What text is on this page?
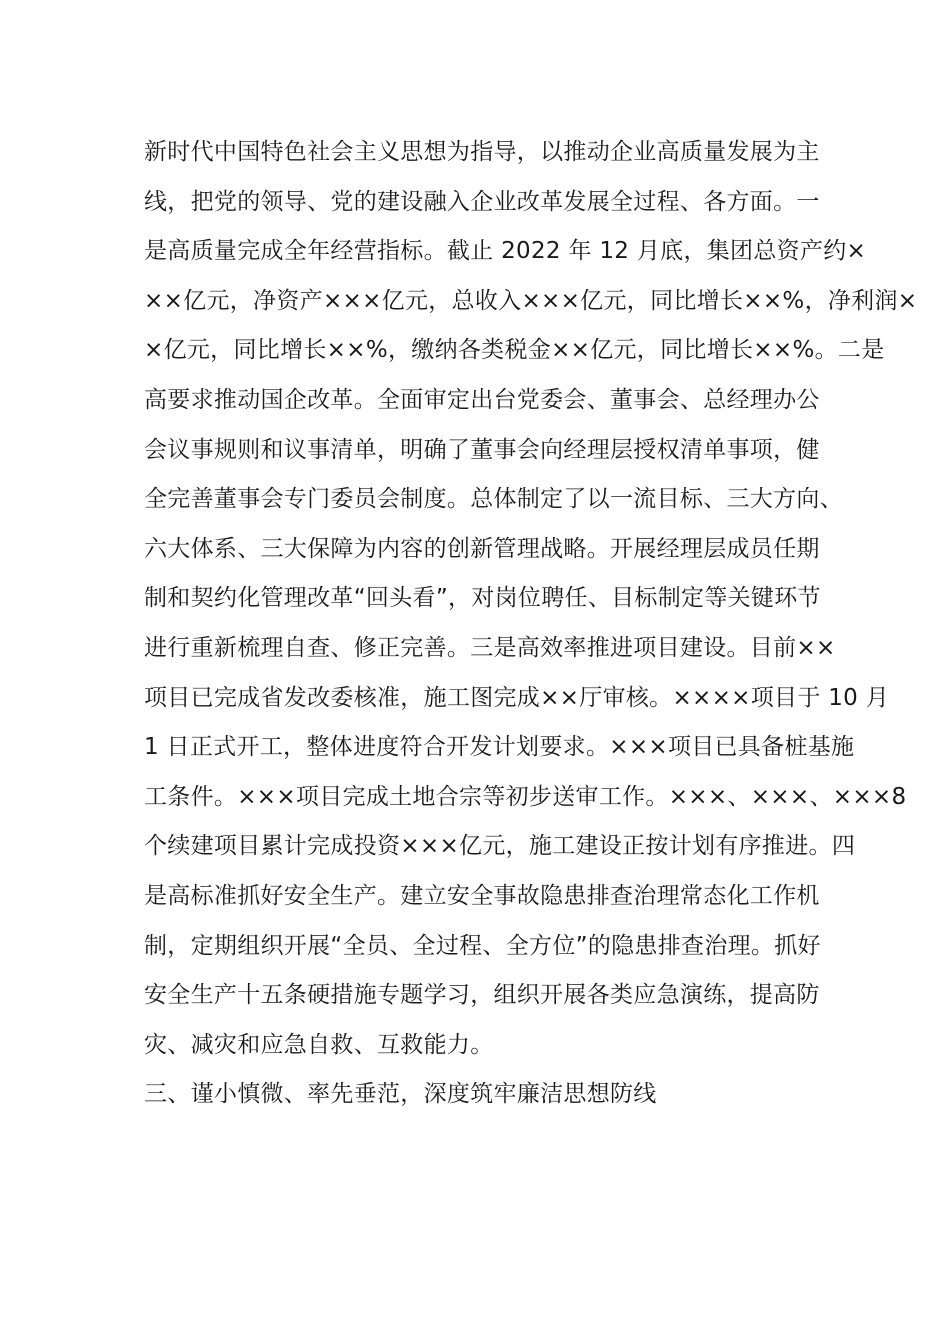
新时代中国特色社会主义思想为指导，以推动企业高质量发展为主
线，把党的领导、党的建设融入企业改革发展全过程、各方面。一
是高质量完成全年经营指标。截止 2022 年 12 月底，集团总资产约×
××亿元，净资产×××亿元，总收入×××亿元，同比增长××%，净利润×
×亿元，同比增长××%，缴纳各类税金××亿元，同比增长××%。二是
高要求推动国企改革。全面审定出台党委会、董事会、总经理办公
会议事规则和议事清单，明确了董事会向经理层授权清单事项，健
全完善董事会专门委员会制度。总体制定了以一流目标、三大方向、
六大体系、三大保障为内容的创新管理战略。开展经理层成员任期
制和契约化管理改革“回头看”，对岗位聘任、目标制定等关键环节
进行重新梳理自查、修正完善。三是高效率推进项目建设。目前××
项目已完成省发改委核准，施工图完成××厅审核。××××项目于 10 月
1 日正式开工，整体进度符合开发计划要求。×××项目已具备桩基施
工条件。×××项目完成土地合宗等初步送审工作。×××、×××、×××8
个续建项目累计完成投资×××亿元，施工建设正按计划有序推进。四
是高标准抓好安全生产。建立安全事故隐患排查治理常态化工作机
制，定期组织开展“全员、全过程、全方位”的隐患排查治理。抓好
安全生产十五条硬措施专题学习，组织开展各类应急演练，提高防
灾、减灾和应急自救、互救能力。
三、谨小慎微、率先垂范，深度筑牢廉洁思想防线
